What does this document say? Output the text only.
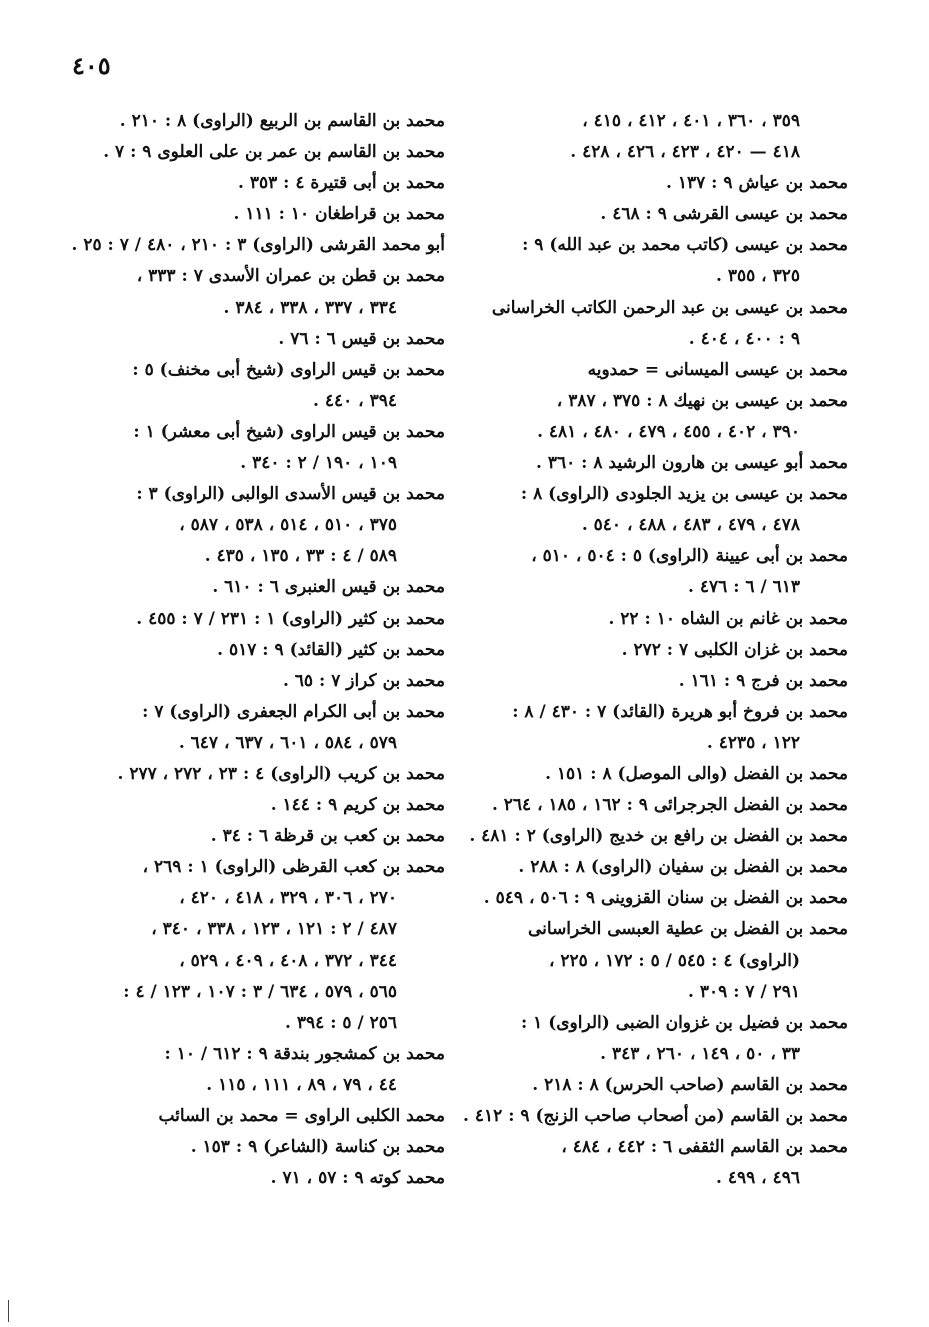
٤٠٥
٣٥٩ ، ٣٦٠ ، ٤٠١ ، ٤١٢ ، ٤١٥ ،
٤١٨ — ٤٢٠ ، ٤٢٣ ، ٤٢٦ ، ٤٢٨ .
محمد بن عياش ٩ : ١٣٧ .
محمد بن عيسى القرشى ٩ : ٤٦٨ .
محمد بن عيسى (كاتب محمد بن عبد الله) ٩ :
٣٢٥ ، ٣٥٥ .
محمد بن عيسى بن عبد الرحمن الكاتب الخراسانى
٩ : ٤٠٠ ، ٤٠٤ .
محمد بن عيسى الميسانى = حمدويه
محمد بن عيسى بن نهيك ٨ : ٣٧٥ ، ٣٨٧ ،
٣٩٠ ، ٤٠٢ ، ٤٥٥ ، ٤٧٩ ، ٤٨٠ ، ٤٨١ .
محمد أبو عيسى بن هارون الرشيد ٨ : ٣٦٠ .
محمد بن عيسى بن يزيد الجلودى (الراوى) ٨ :
٤٧٨ ، ٤٧٩ ، ٤٨٣ ، ٤٨٨ ، ٥٤٠ .
محمد بن أبى عيينة (الراوى) ٥ : ٥٠٤ ، ٥١٠ ،
٦١٣ / ٦ : ٤٧٦ .
محمد بن غانم بن الشاه ١٠ : ٢٢ .
محمد بن غزان الكلبى ٧ : ٢٧٢ .
محمد بن فرج ٩ : ١٦١ .
محمد بن فروخ أبو هريرة (القائد) ٧ : ٤٣٠ / ٨ :
١٢٢ ، ٤٢٣٥ .
محمد بن الفضل (والى الموصل) ٨ : ١٥١ .
محمد بن الفضل الجرجرائى ٩ : ١٦٢ ، ١٨٥ ، ٢٦٤ .
محمد بن الفضل بن رافع بن خديج (الراوى) ٢ : ٤٨١ .
محمد بن الفضل بن سفيان (الراوى) ٨ : ٢٨٨ .
محمد بن الفضل بن سنان القزوينى ٩ : ٥٠٦ ، ٥٤٩ .
محمد بن الفضل بن عطية العبسى الخراسانى
(الراوى) ٤ : ٥٤٥ / ٥ : ١٧٢ ، ٢٢٥ ،
٢٩١ / ٧ : ٣٠٩ .
محمد بن فضيل بن غزوان الضبى (الراوى) ١ :
٣٣ ، ٥٠ ، ١٤٩ ، ٢٦٠ ، ٣٤٣ .
محمد بن القاسم (صاحب الحرس) ٨ : ٢١٨ .
محمد بن القاسم (من أصحاب صاحب الزنج) ٩ : ٤١٢ .
محمد بن القاسم الثقفى ٦ : ٤٤٢ ، ٤٨٤ ،
٤٩٦ ، ٤٩٩ .
محمد بن القاسم بن الربيع (الراوى) ٨ : ٢١٠ .
محمد بن القاسم بن عمر بن على العلوى ٩ : ٧ .
محمد بن أبى قتيرة ٤ : ٣٥٣ .
محمد بن قراطغان ١٠ : ١١١ .
أبو محمد القرشى (الراوى) ٣ : ٢١٠ ، ٤٨٠ / ٧ : ٢٥ .
محمد بن قطن بن عمران الأسدى ٧ : ٣٣٣ ،
٣٣٤ ، ٣٣٧ ، ٣٣٨ ، ٣٨٤ .
محمد بن قيس ٦ : ٧٦ .
محمد بن قيس الراوى (شيخ أبى مخنف) ٥ :
٣٩٤ ، ٤٤٠ .
محمد بن قيس الراوى (شيخ أبى معشر) ١ :
١٠٩ ، ١٩٠ / ٢ : ٣٤٠ .
محمد بن قيس الأسدى الوالبى (الراوى) ٣ :
٣٧٥ ، ٥١٠ ، ٥١٤ ، ٥٣٨ ، ٥٨٧ ،
٥٨٩ / ٤ : ٣٣ ، ١٣٥ ، ٤٣٥ .
محمد بن قيس العنبرى ٦ : ٦١٠ .
محمد بن كثير (الراوى) ١ : ٢٣١ / ٧ : ٤٥٥ .
محمد بن كثير (القائد) ٩ : ٥١٧ .
محمد بن كراز ٧ : ٦٥ .
محمد بن أبى الكرام الجعفرى (الراوى) ٧ :
٥٧٩ ، ٥٨٤ ، ٦٠١ ، ٦٣٧ ، ٦٤٧ .
محمد بن كريب (الراوى) ٤ : ٢٣ ، ٢٧٢ ، ٢٧٧ .
محمد بن كريم ٩ : ١٤٤ .
محمد بن كعب بن قرظة ٦ : ٣٤ .
محمد بن كعب القرظى (الراوى) ١ : ٢٦٩ ،
٢٧٠ ، ٣٠٦ ، ٣٢٩ ، ٤١٨ ، ٤٢٠ ،
٤٨٧ / ٢ : ١٢١ ، ١٢٣ ، ٣٣٨ ، ٣٤٠ ،
٣٤٤ ، ٣٧٢ ، ٤٠٨ ، ٤٠٩ ، ٥٢٩ ،
٥٦٥ ، ٥٧٩ ، ٦٣٤ / ٣ : ١٠٧ ، ١٢٣ / ٤ :
٢٥٦ / ٥ : ٣٩٤ .
محمد بن كمشجور بندقة ٩ : ٦١٢ / ١٠ :
٤٤ ، ٧٩ ، ٨٩ ، ١١١ ، ١١٥ .
محمد الكلبى الراوى = محمد بن السائب
محمد بن كناسة (الشاعر) ٩ : ١٥٣ .
محمد كوته ٩ : ٥٧ ، ٧١ .
